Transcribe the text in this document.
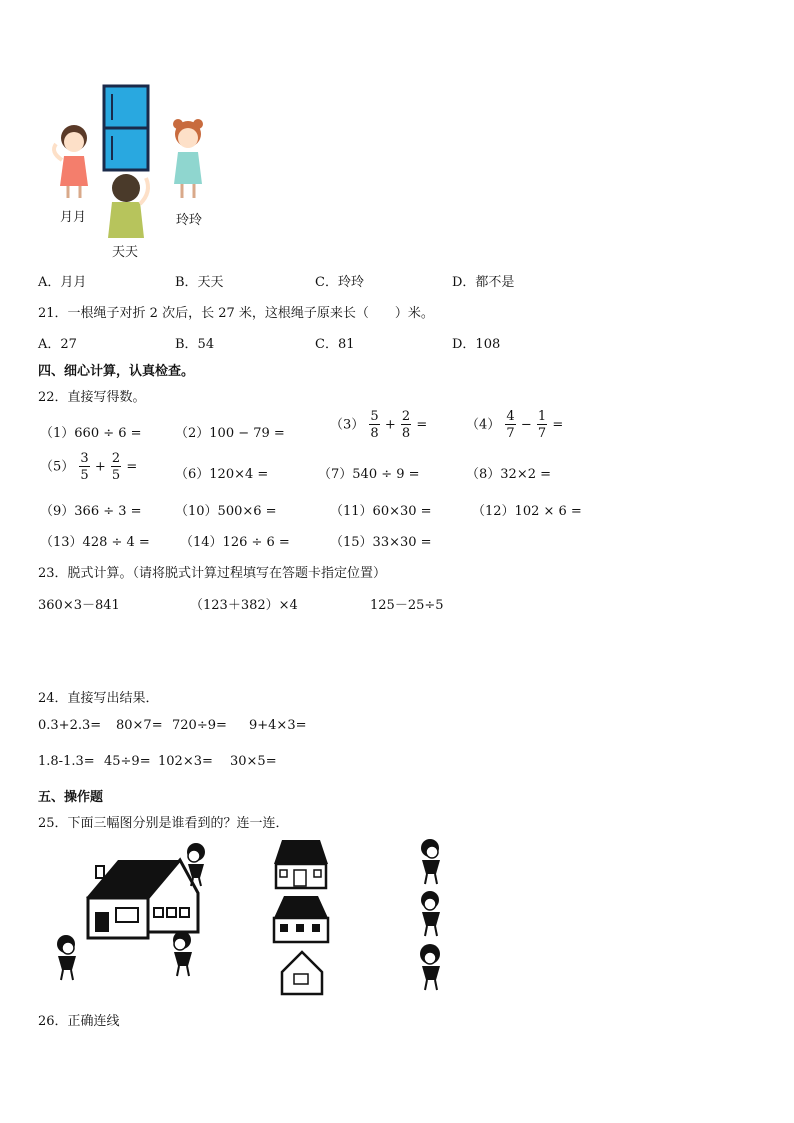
月月
天天
玲玲
A．月月	B．天天	C．玲玲	D．都不是
21．一根绳子对折 2 次后，长 27 米，这根绳子原来长（　　）米。
A．27	B．54	C．81	D．108
四、细心计算，认真检查。
22．直接写得数。
（1）660 ÷ 6 =	（2）100 − 79 =
$(3) \frac{5}{8} + \frac{2}{8}$ =	$(4) \frac{4}{7} - \frac{1}{7}$ =
$(5) \frac{3}{5} + \frac{2}{5}$ =	（6）120×4 =	（7）540 ÷ 9 =	（8）32×2 =
（9）366 ÷ 3 =	（10）500×6 =	（11）60×30 =	（12）102 × 6 =
（13）428 ÷ 4 = （14）126 ÷ 6 =	（15）33×30 =
23．脱式计算。（请将脱式计算过程填写在答题卡指定位置）
360×3－841	（123＋382）×4	125－25÷5
24．直接写出结果．
0.3+2.3= 80×7= 720÷9= 9+4×3=
1.8-1.3= 45÷9= 102×3= 30×5=
五、操作题
25．下面三幅图分别是谁看到的？连一连．
26．正确连线
